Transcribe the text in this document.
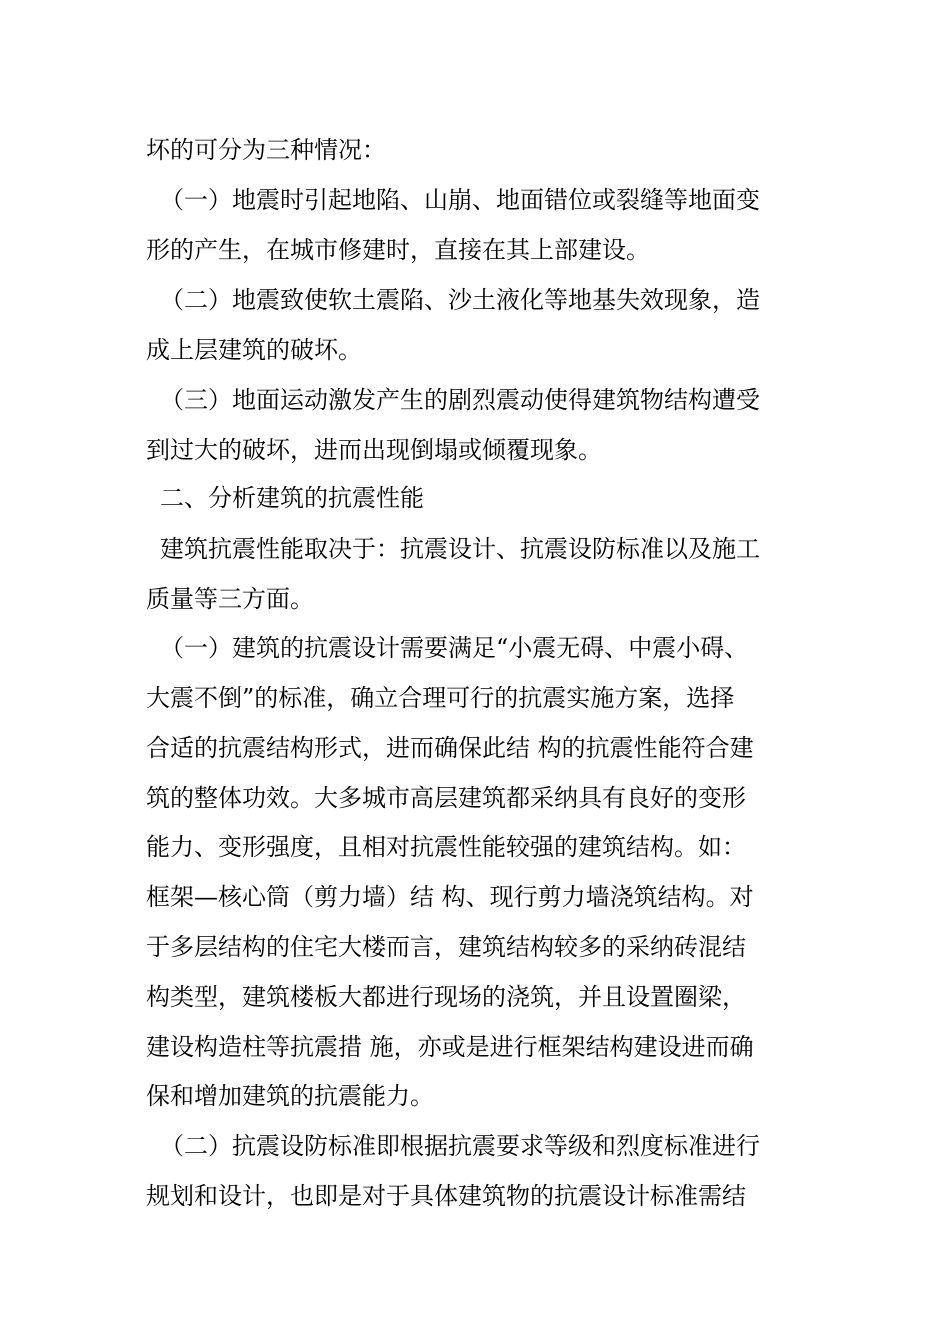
坏的可分为三种情况：
（一）地震时引起地陷、山崩、地面错位或裂缝等地面变
形的产生，在城市修建时，直接在其上部建设。
（二）地震致使软土震陷、沙土液化等地基失效现象，造
成上层建筑的破坏。
（三）地面运动激发产生的剧烈震动使得建筑物结构遭受
到过大的破坏，进而出现倒塌或倾覆现象。
二、分析建筑的抗震性能
建筑抗震性能取决于：抗震设计、抗震设防标准以及施工
质量等三方面。
（一）建筑的抗震设计需要满足“小震无碍、中震小碍、
大震不倒”的标准，确立合理可行的抗震实施方案，选择
合适的抗震结构形式，进而确保此结 构的抗震性能符合建
筑的整体功效。大多城市高层建筑都采纳具有良好的变形
能力、变形强度，且相对抗震性能较强的建筑结构。如：
框架—核心筒（剪力墙）结 构、现行剪力墙浇筑结构。对
于多层结构的住宅大楼而言，建筑结构较多的采纳砖混结
构类型，建筑楼板大都进行现场的浇筑，并且设置圈梁，
建设构造柱等抗震措 施，亦或是进行框架结构建设进而确
保和增加建筑的抗震能力。
（二）抗震设防标准即根据抗震要求等级和烈度标准进行
规划和设计，也即是对于具体建筑物的抗震设计标准需结
